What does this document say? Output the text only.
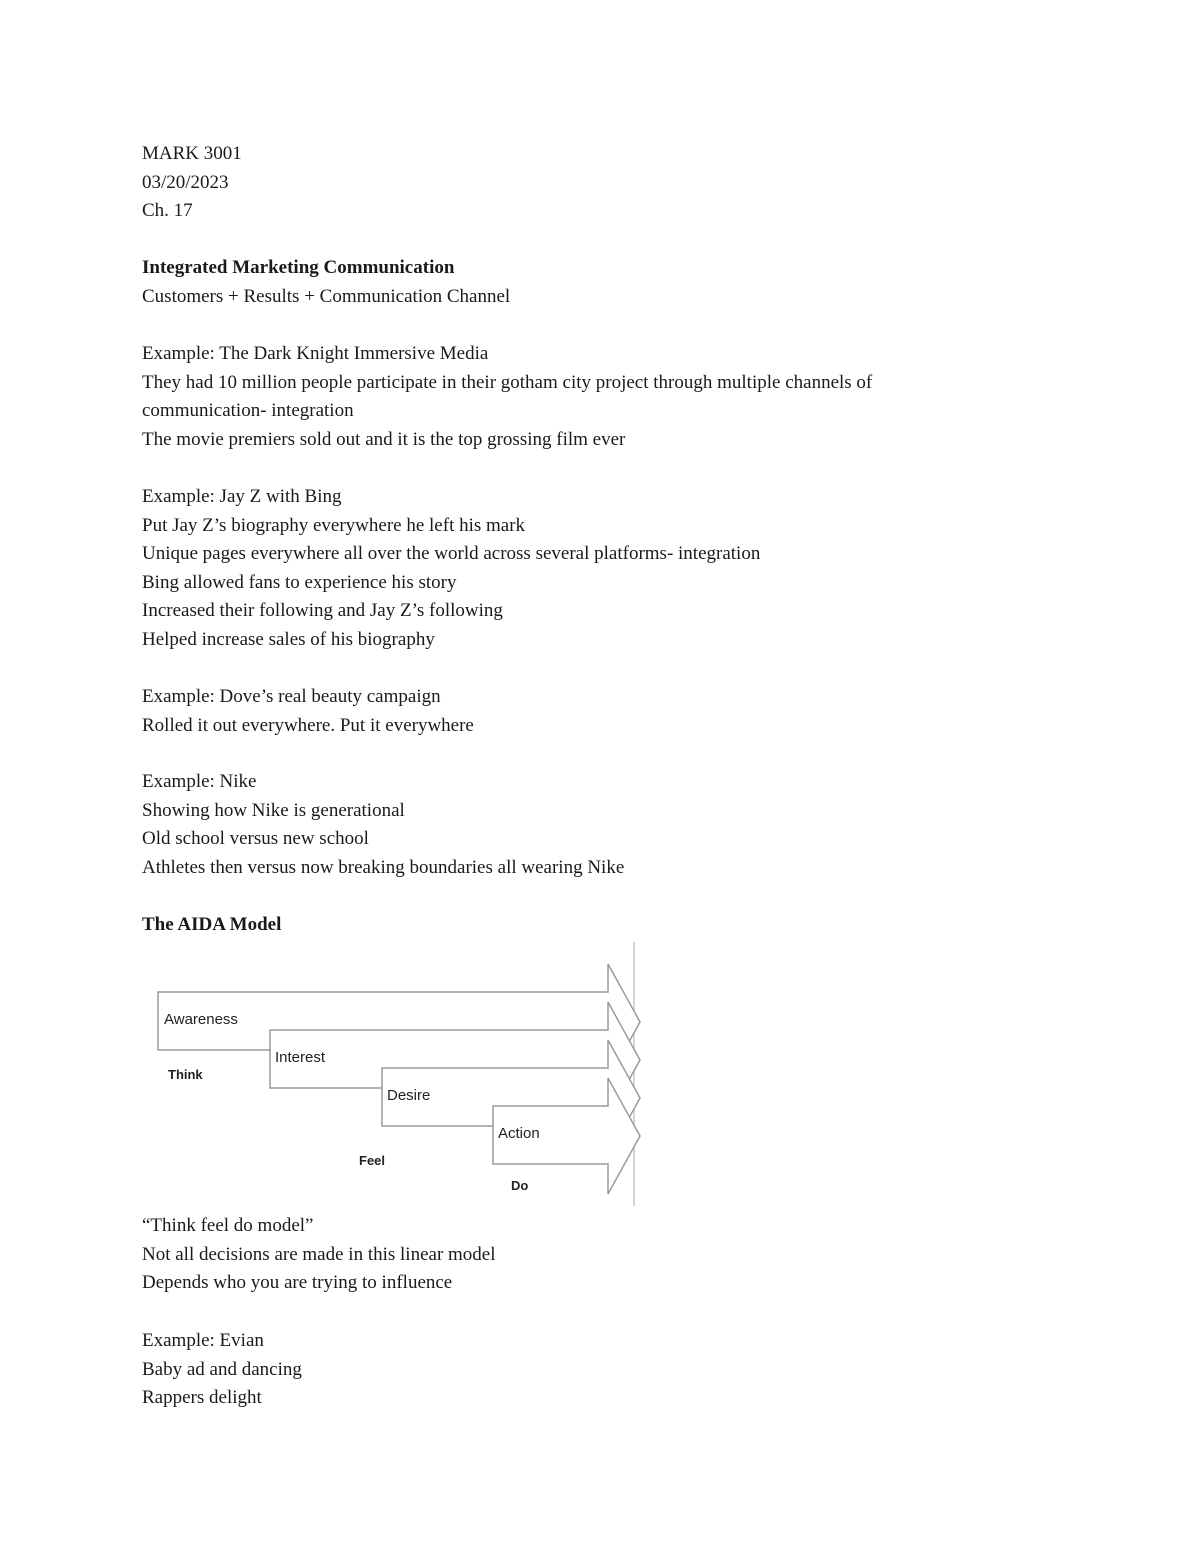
MARK 3001
03/20/2023
Ch. 17
Integrated Marketing Communication
Customers + Results + Communication Channel
Example: The Dark Knight Immersive Media
They had 10 million people participate in their gotham city project through multiple channels of
communication- integration
The movie premiers sold out and it is the top grossing film ever
Example: Jay Z with Bing
Put Jay Z’s biography everywhere he left his mark
Unique pages everywhere all over the world across several platforms- integration
Bing allowed fans to experience his story
Increased their following and Jay Z’s following
Helped increase sales of his biography
Example: Dove’s real beauty campaign
Rolled it out everywhere. Put it everywhere
Example: Nike
Showing how Nike is generational
Old school versus new school
Athletes then versus now breaking boundaries all wearing Nike
The AIDA Model
Awareness
Interest
Desire
Action
Think
Feel
Do
“Think feel do model”
Not all decisions are made in this linear model
Depends who you are trying to influence
Example: Evian
Baby ad and dancing
Rappers delight
